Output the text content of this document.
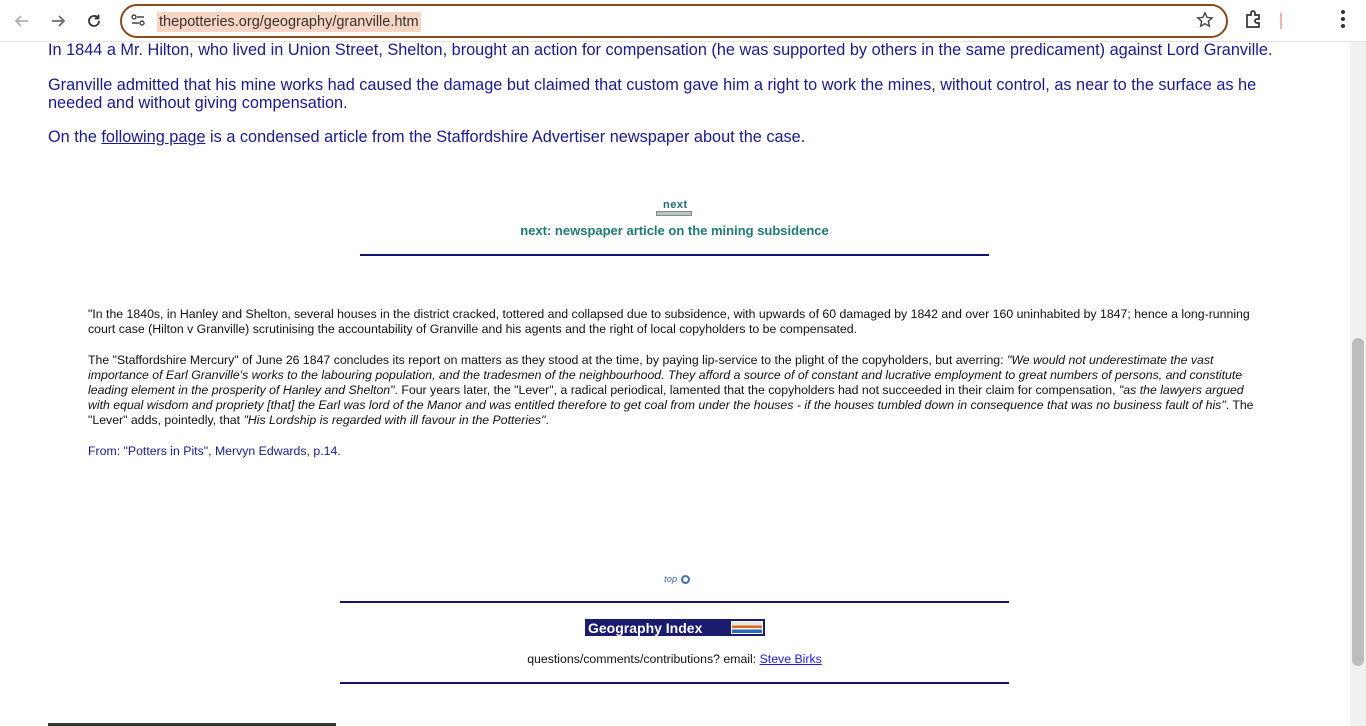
thepotteries.org/geography/granville.htm

In 1844 a Mr. Hilton, who lived in Union Street, Shelton, brought an action for compensation (he was supported by others in the same predicament) against Lord Granville.

Granville admitted that his mine works had caused the damage but claimed that custom gave him a right to work the mines, without control, as near to the surface as he needed and without giving compensation.

On the following page is a condensed article from the Staffordshire Advertiser newspaper about the case.

next
next: newspaper article on the mining subsidence

"In the 1840s, in Hanley and Shelton, several houses in the district cracked, tottered and collapsed due to subsidence, with upwards of 60 damaged by 1842 and over 160 uninhabited by 1847; hence a long-running court case (Hilton v Granville) scrutinising the accountability of Granville and his agents and the right of local copyholders to be compensated.

The "Staffordshire Mercury" of June 26 1847 concludes its report on matters as they stood at the time, by paying lip-service to the plight of the copyholders, but averring: "We would not underestimate the vast importance of Earl Granville's works to the labouring population, and the tradesmen of the neighbourhood. They afford a source of of constant and lucrative employment to great numbers of persons, and constitute leading element in the prosperity of Hanley and Shelton". Four years later, the "Lever", a radical periodical, lamented that the copyholders had not succeeded in their claim for compensation, "as the lawyers argued with equal wisdom and propriety [that] the Earl was lord of the Manor and was entitled therefore to get coal from under the houses - if the houses tumbled down in consequence that was no business fault of his". The "Lever" adds, pointedly, that "His Lordship is regarded with ill favour in the Potteries".

From: "Potters in Pits", Mervyn Edwards, p.14.

top
Geography Index
questions/comments/contributions? email: Steve Birks
